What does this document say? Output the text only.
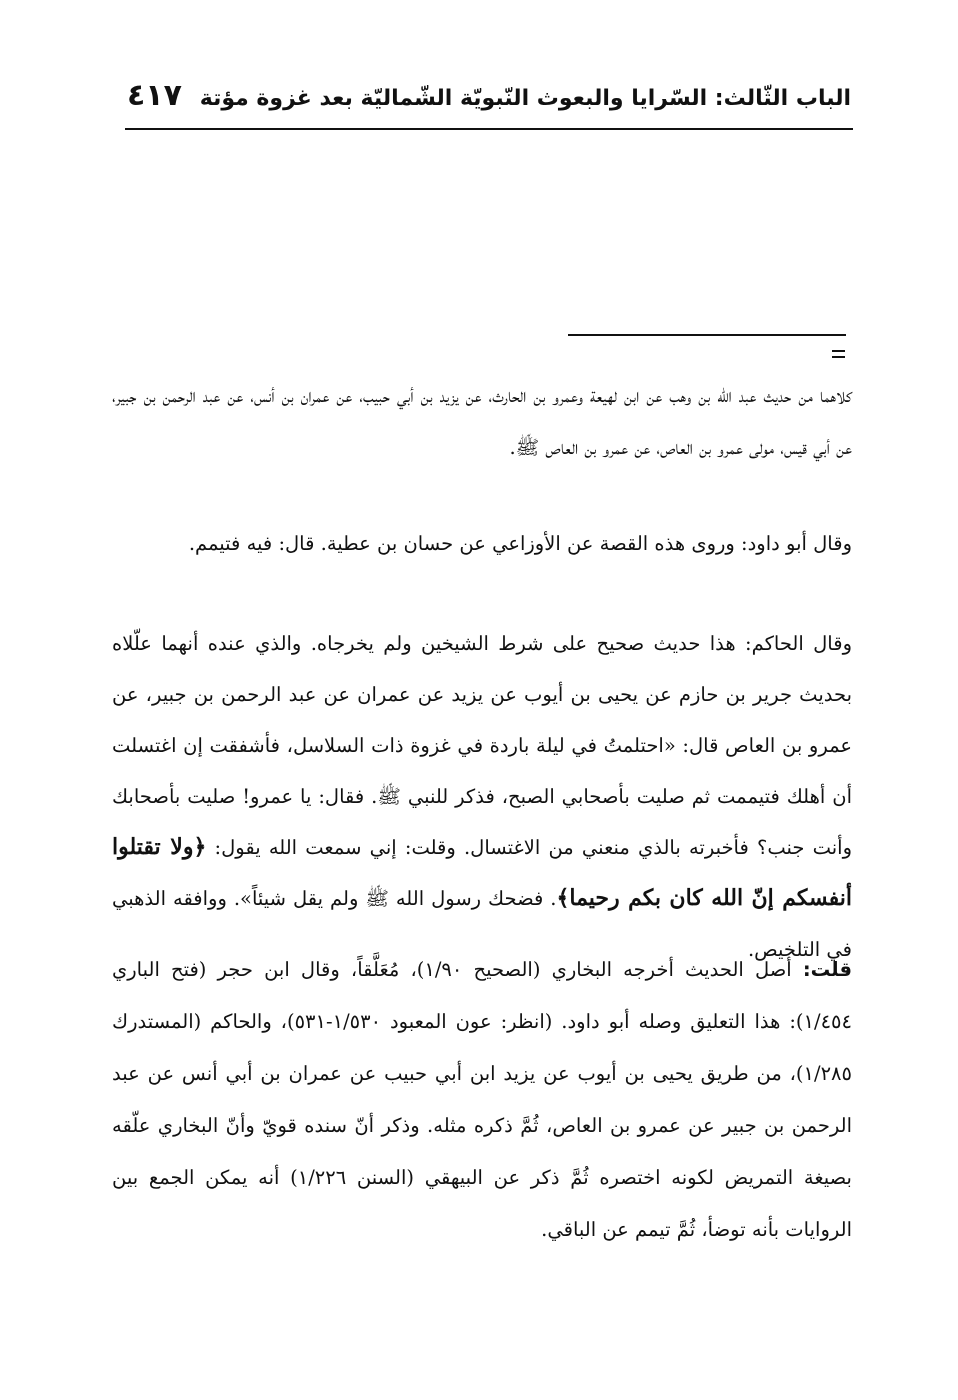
الباب الثّالث: السّرايا والبعوث النّبويّة الشّماليّة بعد غزوة مؤتة
٤١٧

كلاهما من حديث عبد الله بن وهب عن ابن لهيعة وعمرو بن الحارث، عن يزيد بن أبي حبيب، عن عمران بن أنس، عن عبد الرحمن بن جبير، عن أبي قيس، مولى عمرو بن العاص، عن عمرو بن العاص ﷺ.

وقال أبو داود: وروى هذه القصة عن الأوزاعي عن حسان بن عطية. قال: فيه فتيمم.

وقال الحاكم: هذا حديث صحيح على شرط الشيخين ولم يخرجاه. والذي عنده أنهما علّلاه بحديث جرير بن حازم عن يحيى بن أيوب عن يزيد عن عمران عن عبد الرحمن بن جبير، عن عمرو بن العاص قال: «احتلمتُ في ليلة باردة في غزوة ذات السلاسل، فأشفقت إن اغتسلت أن أهلك فتيممت ثم صليت بأصحابي الصبح، فذكر للنبي ﷺ. فقال: يا عمرو! صليت بأصحابك وأنت جنب؟ فأخبرته بالذي منعني من الاغتسال. وقلت: إني سمعت الله يقول: ﴿ولا تقتلوا أنفسكم إنّ الله كان بكم رحيما﴾. فضحك رسول الله ﷺ ولم يقل شيئاً». ووافقه الذهبي في التلخيص.

قلت: أصل الحديث أخرجه البخاري (الصحيح ١/٩٠)، مُعَلَّقاً، وقال ابن حجر (فتح الباري ١/٤٥٤): هذا التعليق وصله أبو داود. (انظر: عون المعبود ١/٥٣٠-٥٣١)، والحاكم (المستدرك ١/٢٨٥)، من طريق يحيى بن أيوب عن يزيد ابن أبي حبيب عن عمران بن أبي أنس عن عبد الرحمن بن جبير عن عمرو بن العاص، ثُمَّ ذكره مثله. وذكر أنّ سنده قويّ وأنّ البخاري علّقه بصيغة التمريض لكونه اختصره ثُمَّ ذكر عن البيهقي (السنن ١/٢٢٦) أنه يمكن الجمع بين الروايات بأنه توضأ، ثُمَّ تيمم عن الباقي.
